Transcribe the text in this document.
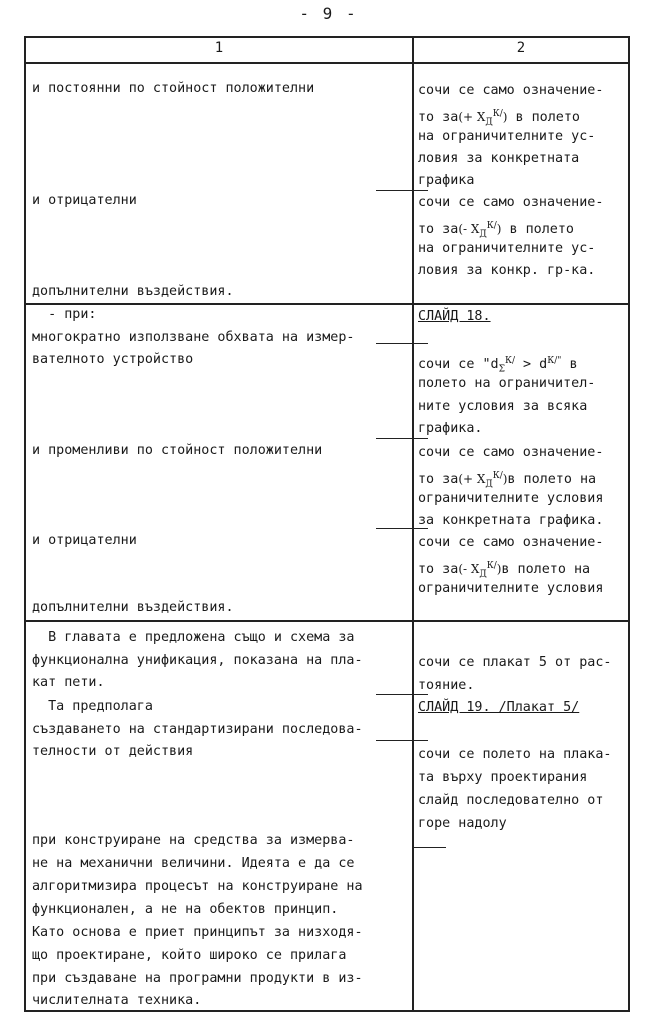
- 9 -
1	2
и постоянни по стойност положителни
и отрицателни
допълнителни въздействия.
- при:
многократно използване обхвата на измер-
вателното устройство
и променливи по стойност положителни
и отрицателни
допълнителни въздействия.
В главата е предложена също и схема за
функционална унификация, показана на пла-
кат пети.
Та предполага
създаването на стандартизирани последова-
телности от действия
при конструиране на средства за измерва-
не на механични величини. Идеята е да се
алгоритмизира процесът на конструиране на
функционален, а не на обектов принцип.
Като основа е приет принципът за низходя-
що проектиране, който широко се прилага
при създаване на програмни продукти в из-
числителната техника.
сочи се само означение-
то $за(+ X_Д^{К/})$ в полето
на ограничителните ус-
ловия за конкретната
графика
сочи се само означение-
то за(- $X_Д^{К/}$) в полето
на ограничителните ус-
ловия за конкр. гр-ка.
СЛАЙД 18.
сочи се "$d_\Sigma^{К/} > d^{К/"}$ в
полето на ограничител-
ните условия за всяка
графика.
сочи се само означение-
то $за(+ X_Д^{К/})в$ полето на
ограничителните условия
за конкретната графика.
сочи се само означение-
то за(- $X_Д^{К/})в$ полето на
ограничителните условия
сочи се плакат 5 от рас-
тояние.
СЛАЙД 19. /Плакат 5/
сочи се полето на плака-
та върху проектирания
слайд последователно от
горе надолу
